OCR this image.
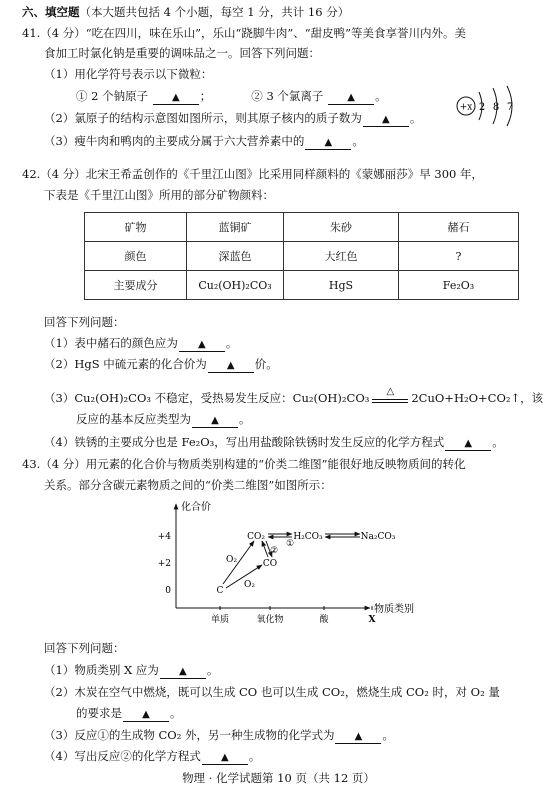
六、填空题（本大题共包括 4 个小题，每空 1 分，共计 16 分）
41.（4 分）“吃在四川，味在乐山”，乐山“跷脚牛肉”、“甜皮鸭”等美食享誉川内外。美
食加工时氯化钠是重要的调味品之一。回答下列问题：
（1）用化学符号表示以下微粒：
① 2 个钠原子 ▲	；	② 3 个氯离子 ▲	。
（2）氯原子的结构示意图如图所示，则其原子核内的质子数为 ▲	。
（3）瘦牛肉和鸭肉的主要成分属于六大营养素中的 ▲	。
+x 2 8 7
42.（4 分）北宋王希孟创作的《千里江山图》比采用同样颜料的《蒙娜丽莎》早 300 年，
下表是《千里江山图》所用的部分矿物颜料：
矿物	蓝铜矿	朱砂	赭石
颜色	深蓝色	大红色	?
主要成分	Cu₂(OH)₂CO₃	HgS	Fe₂O₃
回答下列问题：
（1）表中赭石的颜色应为 ▲	。
（2）HgS 中硫元素的化合价为 ▲	价。
（3）Cu₂(OH)₂CO₃ 不稳定，受热易发生反应：Cu₂(OH)₂CO₃	△	2CuO+H₂O+CO₂↑，该
反应的基本反应类型为 ▲	。
（4）铁锈的主要成分也是 Fe₂O₃，写出用盐酸除铁锈时发生反应的化学方程式 ▲	。
43.（4 分）用元素的化合价与物质类别构建的“价类二维图”能很好地反映物质间的转化
关系。部分含碳元素物质之间的“价类二维图”如图所示：
化合价
物质类别
+4
+2
0
单质	氧化物	酸	X
C
CO
CO₂	H₂CO₃	Na₂CO₃
O₂
O₂
①
②
回答下列问题：
（1）物质类别 X 应为 ▲	。
（2）木炭在空气中燃烧，既可以生成 CO 也可以生成 CO₂，燃烧生成 CO₂ 时，对 O₂ 量
的要求是 ▲	。
（3）反应①的生成物 CO₂ 外，另一种生成物的化学式为 ▲	。
（4）写出反应②的化学方程式 ▲	。
物理 · 化学试题第 10 页（共 12 页）
